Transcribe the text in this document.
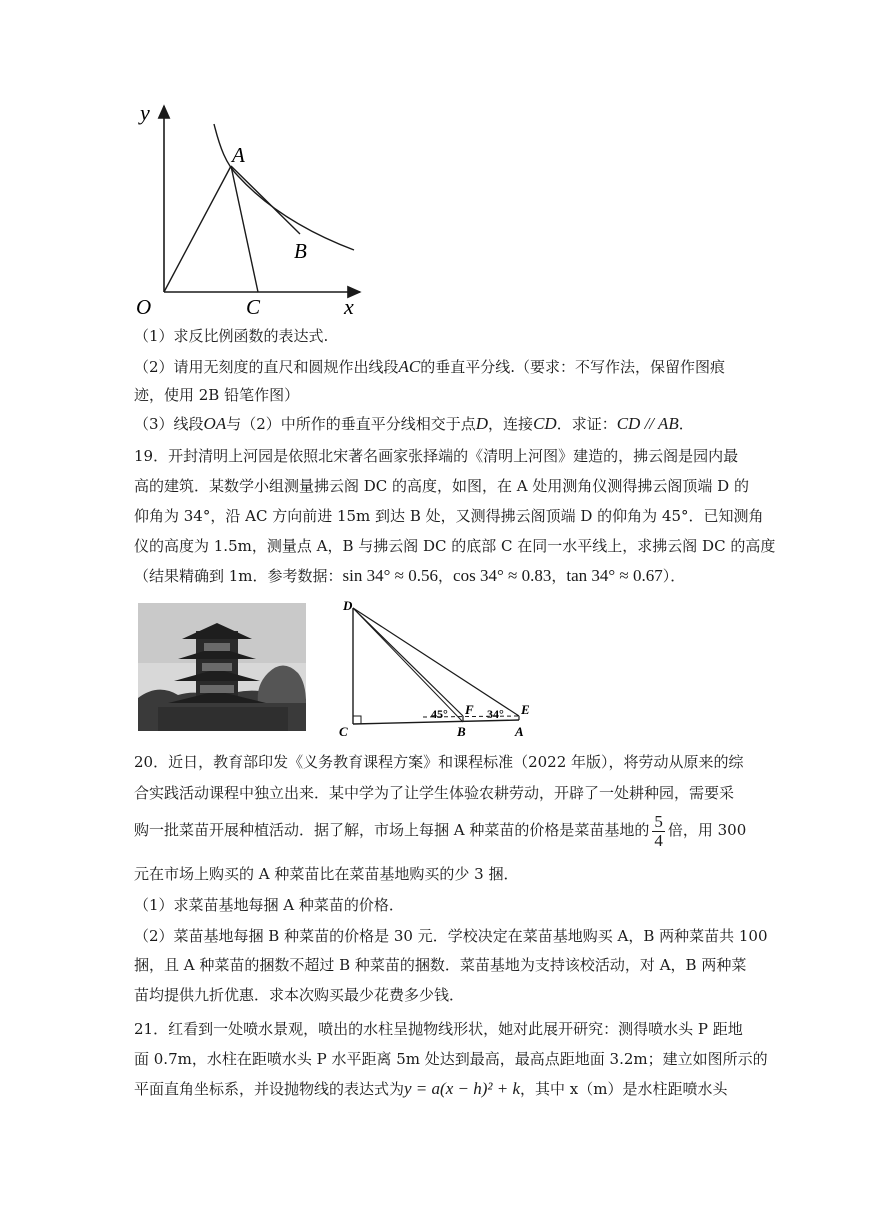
y
A
B
O	C	x
（1）求反比例函数的表达式.
（2）请用无刻度的直尺和圆规作出线段AC的垂直平分线.（要求：不写作法，保留作图痕
迹，使用 2B 铅笔作图）
（3）线段OA与（2）中所作的垂直平分线相交于点D，连接CD．求证：CD // AB．
19．开封清明上河园是依照北宋著名画家张择端的《清明上河图》建造的，拂云阁是园内最
高的建筑．某数学小组测量拂云阁 DC 的高度，如图，在 A 处用测角仪测得拂云阁顶端 D 的
仰角为 34°，沿 AC 方向前进 15m 到达 B 处，又测得拂云阁顶端 D 的仰角为 45°．已知测角
仪的高度为 1.5m，测量点 A，B 与拂云阁 DC 的底部 C 在同一水平线上，求拂云阁 DC 的高度
（结果精确到 1m．参考数据：sin 34° ≈ 0.56，cos 34° ≈ 0.83，tan 34° ≈ 0.67）．
D
C	B	A
F	E
45°	34°
20．近日，教育部印发《义务教育课程方案》和课程标准（2022 年版），将劳动从原来的综
合实践活动课程中独立出来．某中学为了让学生体验农耕劳动，开辟了一处耕种园，需要采
购一批菜苗开展种植活动．据了解，市场上每捆 A 种菜苗的价格是菜苗基地的 $\frac{5}{4}$ 倍，用 300
元在市场上购买的 A 种菜苗比在菜苗基地购买的少 3 捆．
（1）求菜苗基地每捆 A 种菜苗的价格．
（2）菜苗基地每捆 B 种菜苗的价格是 30 元．学校决定在菜苗基地购买 A，B 两种菜苗共 100
捆，且 A 种菜苗的捆数不超过 B 种菜苗的捆数．菜苗基地为支持该校活动，对 A，B 两种菜
苗均提供九折优惠．求本次购买最少花费多少钱．
21．红看到一处喷水景观，喷出的水柱呈抛物线形状，她对此展开研究：测得喷水头 P 距地
面 0.7m，水柱在距喷水头 P 水平距离 5m 处达到最高，最高点距地面 3.2m；建立如图所示的
平面直角坐标系，并设抛物线的表达式为y = a(x − h)² + k，其中 x（m）是水柱距喷水头
